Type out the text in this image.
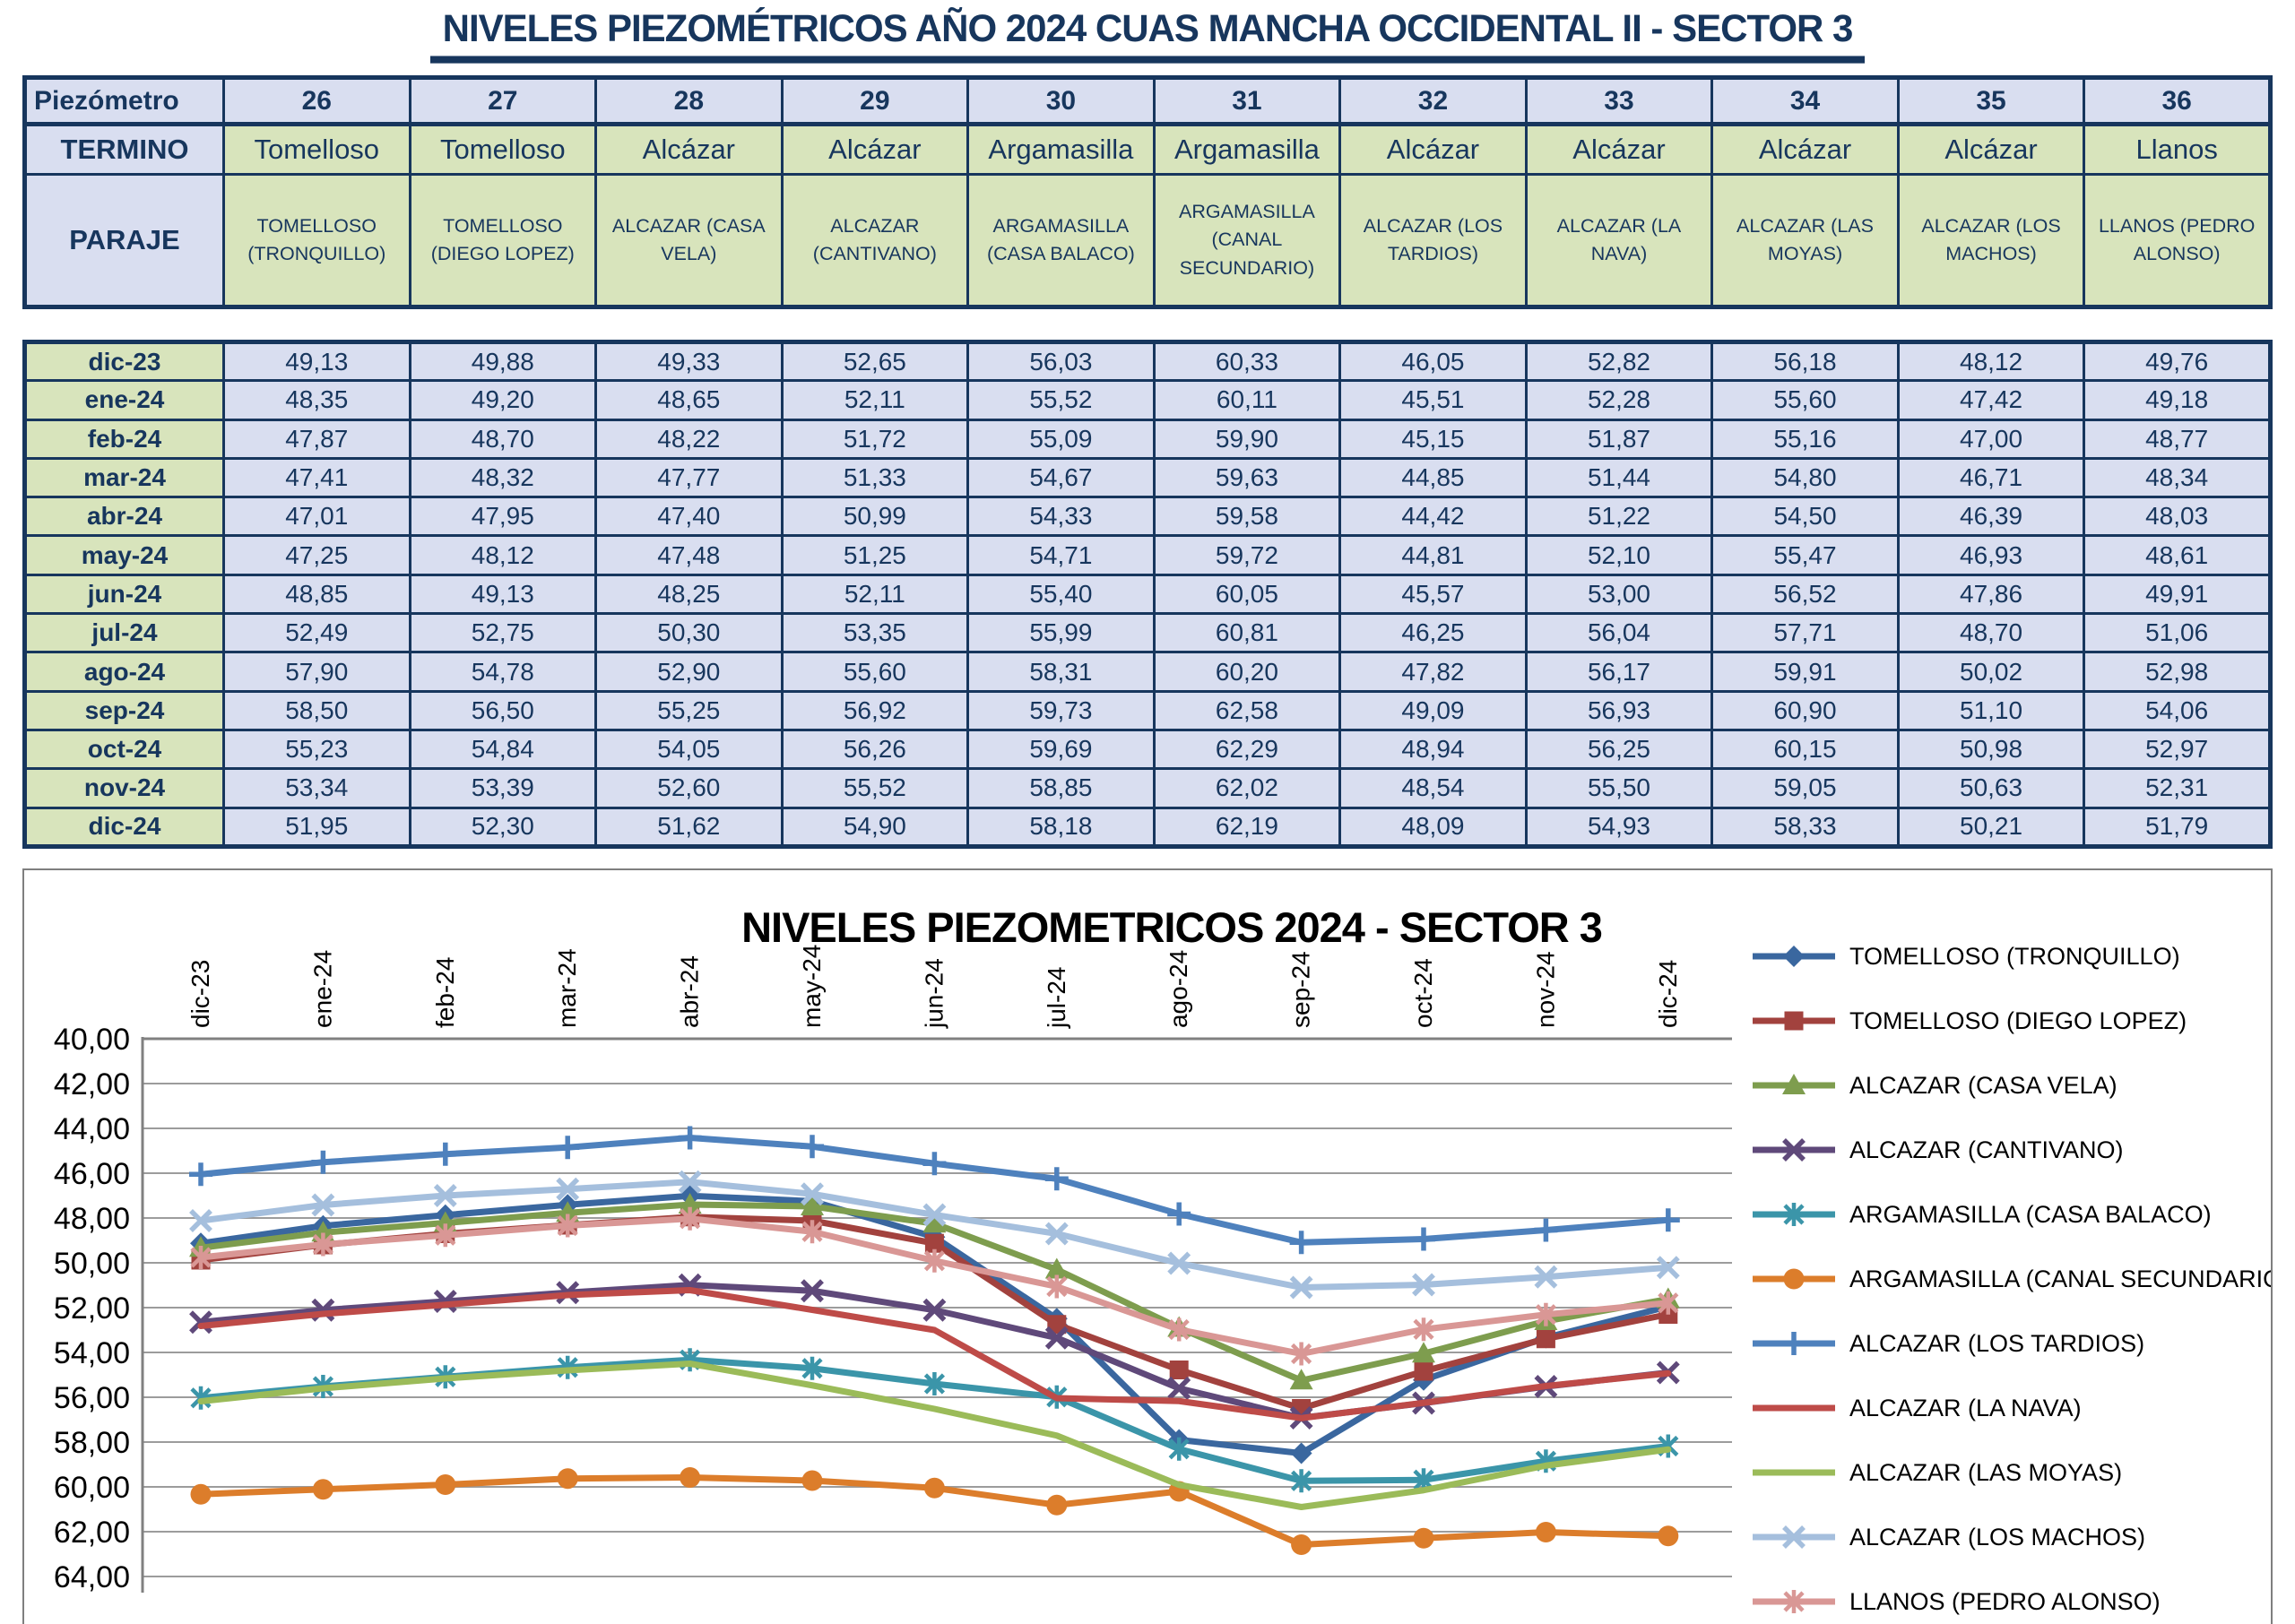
NIVELES PIEZOMÉTRICOS AÑO 2024 CUAS MANCHA OCCIDENTAL II - SECTOR 3
Piezómetro	26	27	28	29	30	31	32	33	34	35	36
TERMINO	Tomelloso	Tomelloso	Alcázar	Alcázar	Argamasilla	Argamasilla	Alcázar	Alcázar	Alcázar	Alcázar	Llanos
PARAJE	TOMELLOSO (TRONQUILLO)	TOMELLOSO (DIEGO LOPEZ)	ALCAZAR (CASA VELA)	ALCAZAR (CANTIVANO)	ARGAMASILLA (CASA BALACO)	ARGAMASILLA (CANAL SECUNDARIO)	ALCAZAR (LOS TARDIOS)	ALCAZAR (LA NAVA)	ALCAZAR (LAS MOYAS)	ALCAZAR (LOS MACHOS)	LLANOS (PEDRO ALONSO)
dic-23	49,13	49,88	49,33	52,65	56,03	60,33	46,05	52,82	56,18	48,12	49,76
ene-24	48,35	49,20	48,65	52,11	55,52	60,11	45,51	52,28	55,60	47,42	49,18
feb-24	47,87	48,70	48,22	51,72	55,09	59,90	45,15	51,87	55,16	47,00	48,77
mar-24	47,41	48,32	47,77	51,33	54,67	59,63	44,85	51,44	54,80	46,71	48,34
abr-24	47,01	47,95	47,40	50,99	54,33	59,58	44,42	51,22	54,50	46,39	48,03
may-24	47,25	48,12	47,48	51,25	54,71	59,72	44,81	52,10	55,47	46,93	48,61
jun-24	48,85	49,13	48,25	52,11	55,40	60,05	45,57	53,00	56,52	47,86	49,91
jul-24	52,49	52,75	50,30	53,35	55,99	60,81	46,25	56,04	57,71	48,70	51,06
ago-24	57,90	54,78	52,90	55,60	58,31	60,20	47,82	56,17	59,91	50,02	52,98
sep-24	58,50	56,50	55,25	56,92	59,73	62,58	49,09	56,93	60,90	51,10	54,06
oct-24	55,23	54,84	54,05	56,26	59,69	62,29	48,94	56,25	60,15	50,98	52,97
nov-24	53,34	53,39	52,60	55,52	58,85	62,02	48,54	55,50	59,05	50,63	52,31
dic-24	51,95	52,30	51,62	54,90	58,18	62,19	48,09	54,93	58,33	50,21	51,79
40,00
42,00
44,00
46,00
48,00
50,00
52,00
54,00
56,00
58,00
60,00
62,00
64,00
dic-23	ene-24	feb-24	mar-24	abr-24	may-24	jun-24	jul-24	ago-24	sep-24	oct-24	nov-24	dic-24
NIVELES PIEZOMETRICOS 2024 - SECTOR 3
TOMELLOSO (TRONQUILLO)
TOMELLOSO (DIEGO LOPEZ)
ALCAZAR (CASA VELA)
ALCAZAR (CANTIVANO)
ARGAMASILLA (CASA BALACO)
ARGAMASILLA (CANAL SECUNDARIO)
ALCAZAR (LOS TARDIOS)
ALCAZAR (LA NAVA)
ALCAZAR (LAS MOYAS)
ALCAZAR (LOS MACHOS)
LLANOS (PEDRO ALONSO)
